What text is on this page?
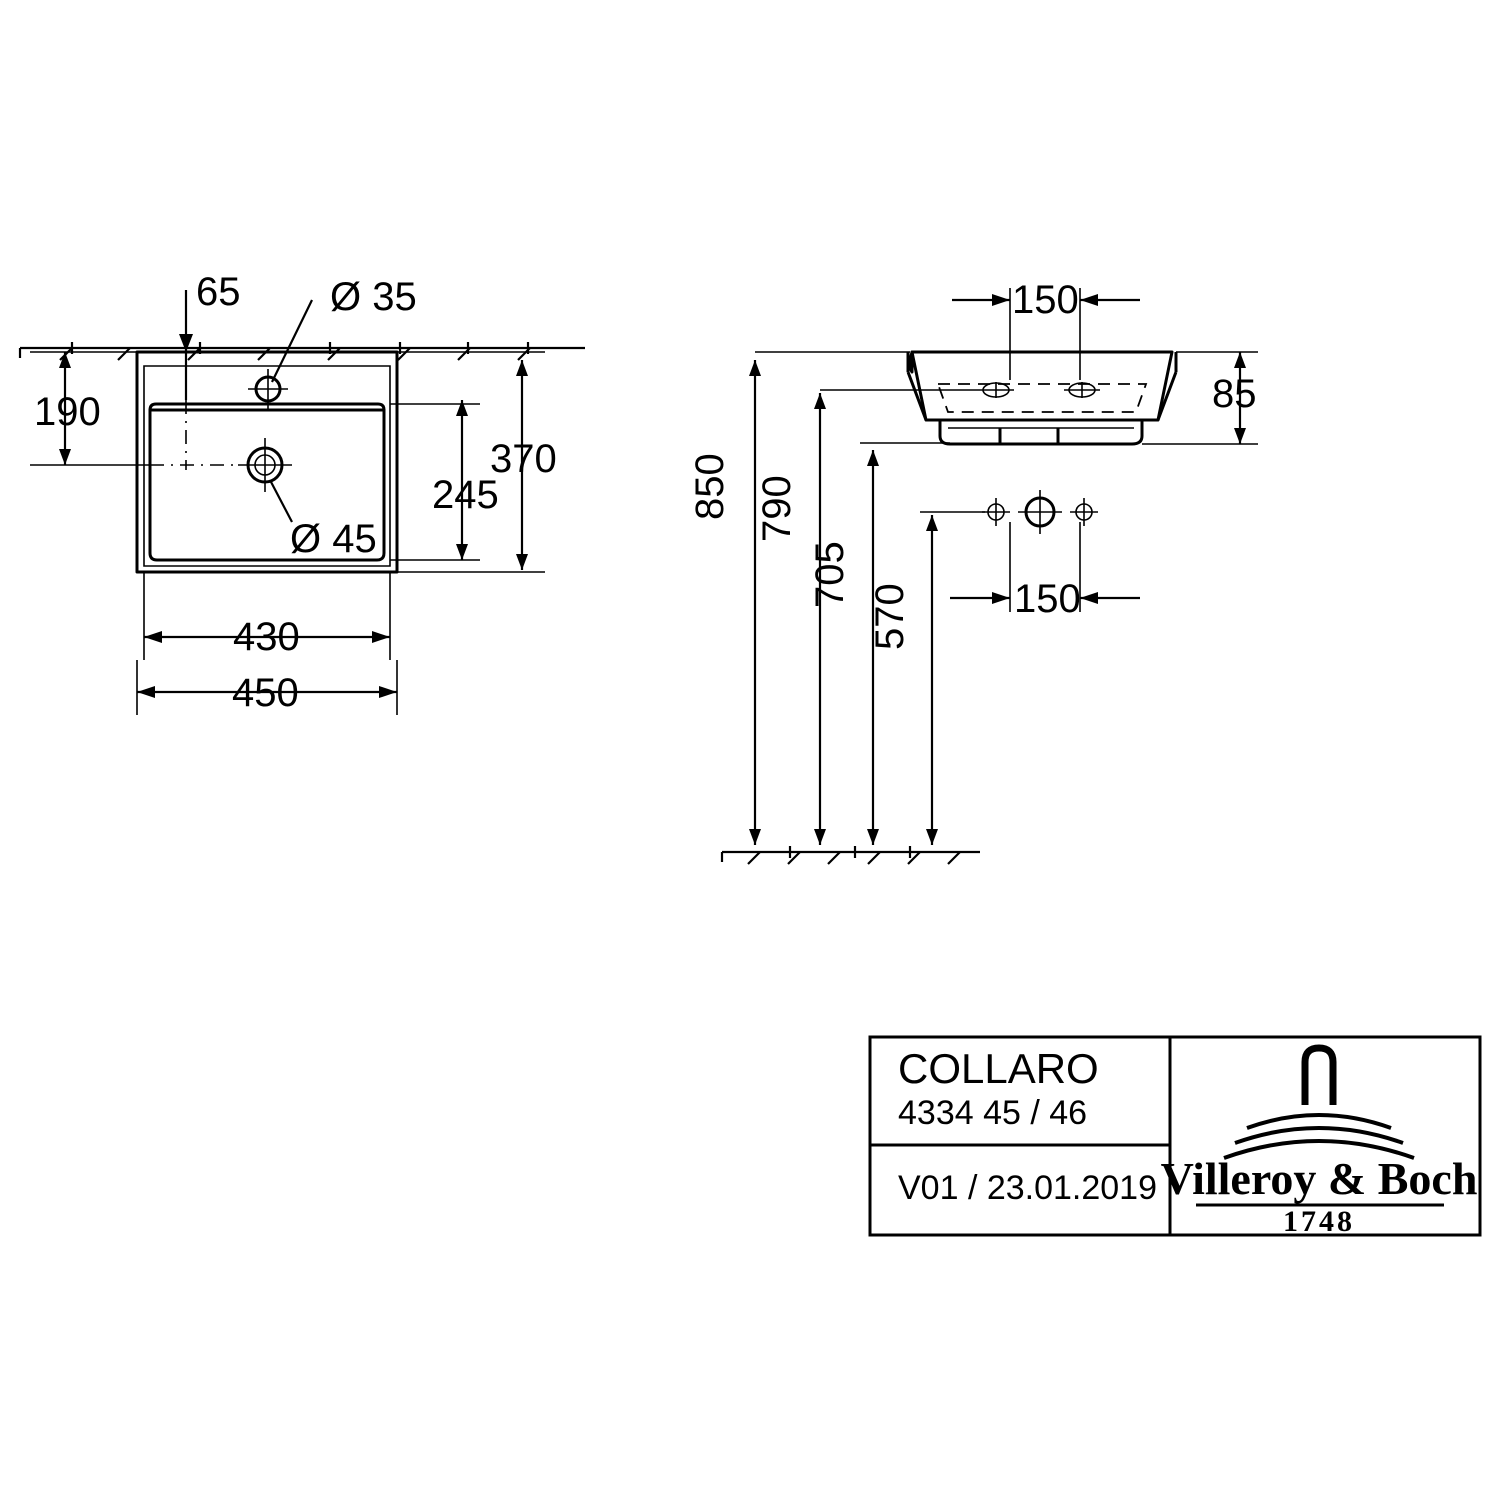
65 Ø 35
190
370
245
Ø 45
430
450
150
85
850 790
705
570	150
COLLARO
4334 45 / 46
V01 / 23.01.2019 Villeroy & Boch
1748
